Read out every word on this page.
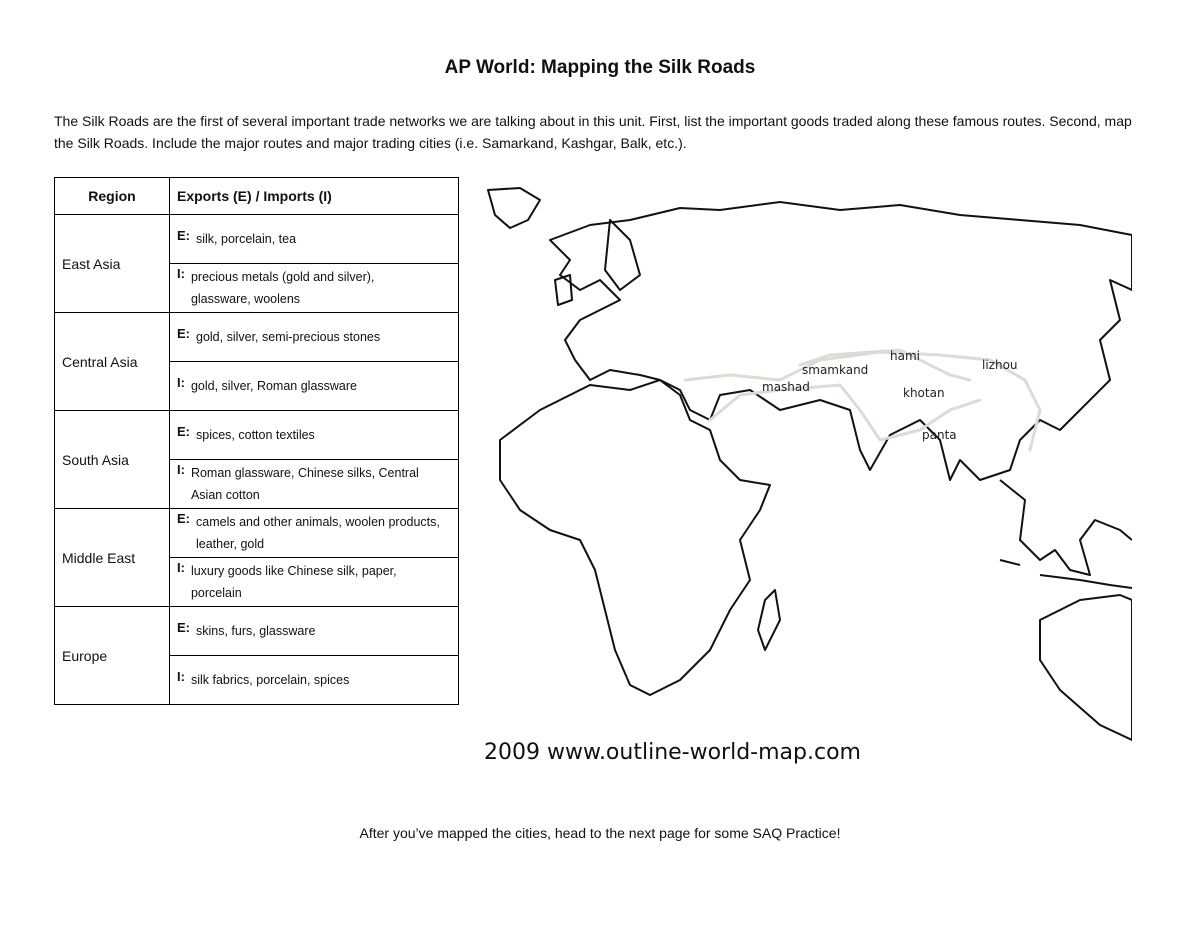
AP World: Mapping the Silk Roads
The Silk Roads are the first of several important trade networks we are talking about in this unit. First, list the important goods traded along these famous routes. Second, map the Silk Roads. Include the major routes and major trading cities (i.e. Samarkand, Kashgar, Balk, etc.).
Region	Exports (E) / Imports (I)
East Asia	E: silk, porcelain, tea
	I: precious metals (gold and silver), glassware, woolens
Central Asia	E: gold, silver, semi-precious stones
	I: gold, silver, Roman glassware
South Asia	E: spices, cotton textiles
	I: Roman glassware, Chinese silks, Central Asian cotton
Middle East	E: camels and other animals, woolen products, leather, gold
	I: luxury goods like Chinese silk, paper, porcelain
Europe	E: skins, furs, glassware
	I: silk fabrics, porcelain, spices
hami
smamkand	lizhou
mashad	khotan
panta
2009 www.outline-world-map.com
After you’ve mapped the cities, head to the next page for some SAQ Practice!
